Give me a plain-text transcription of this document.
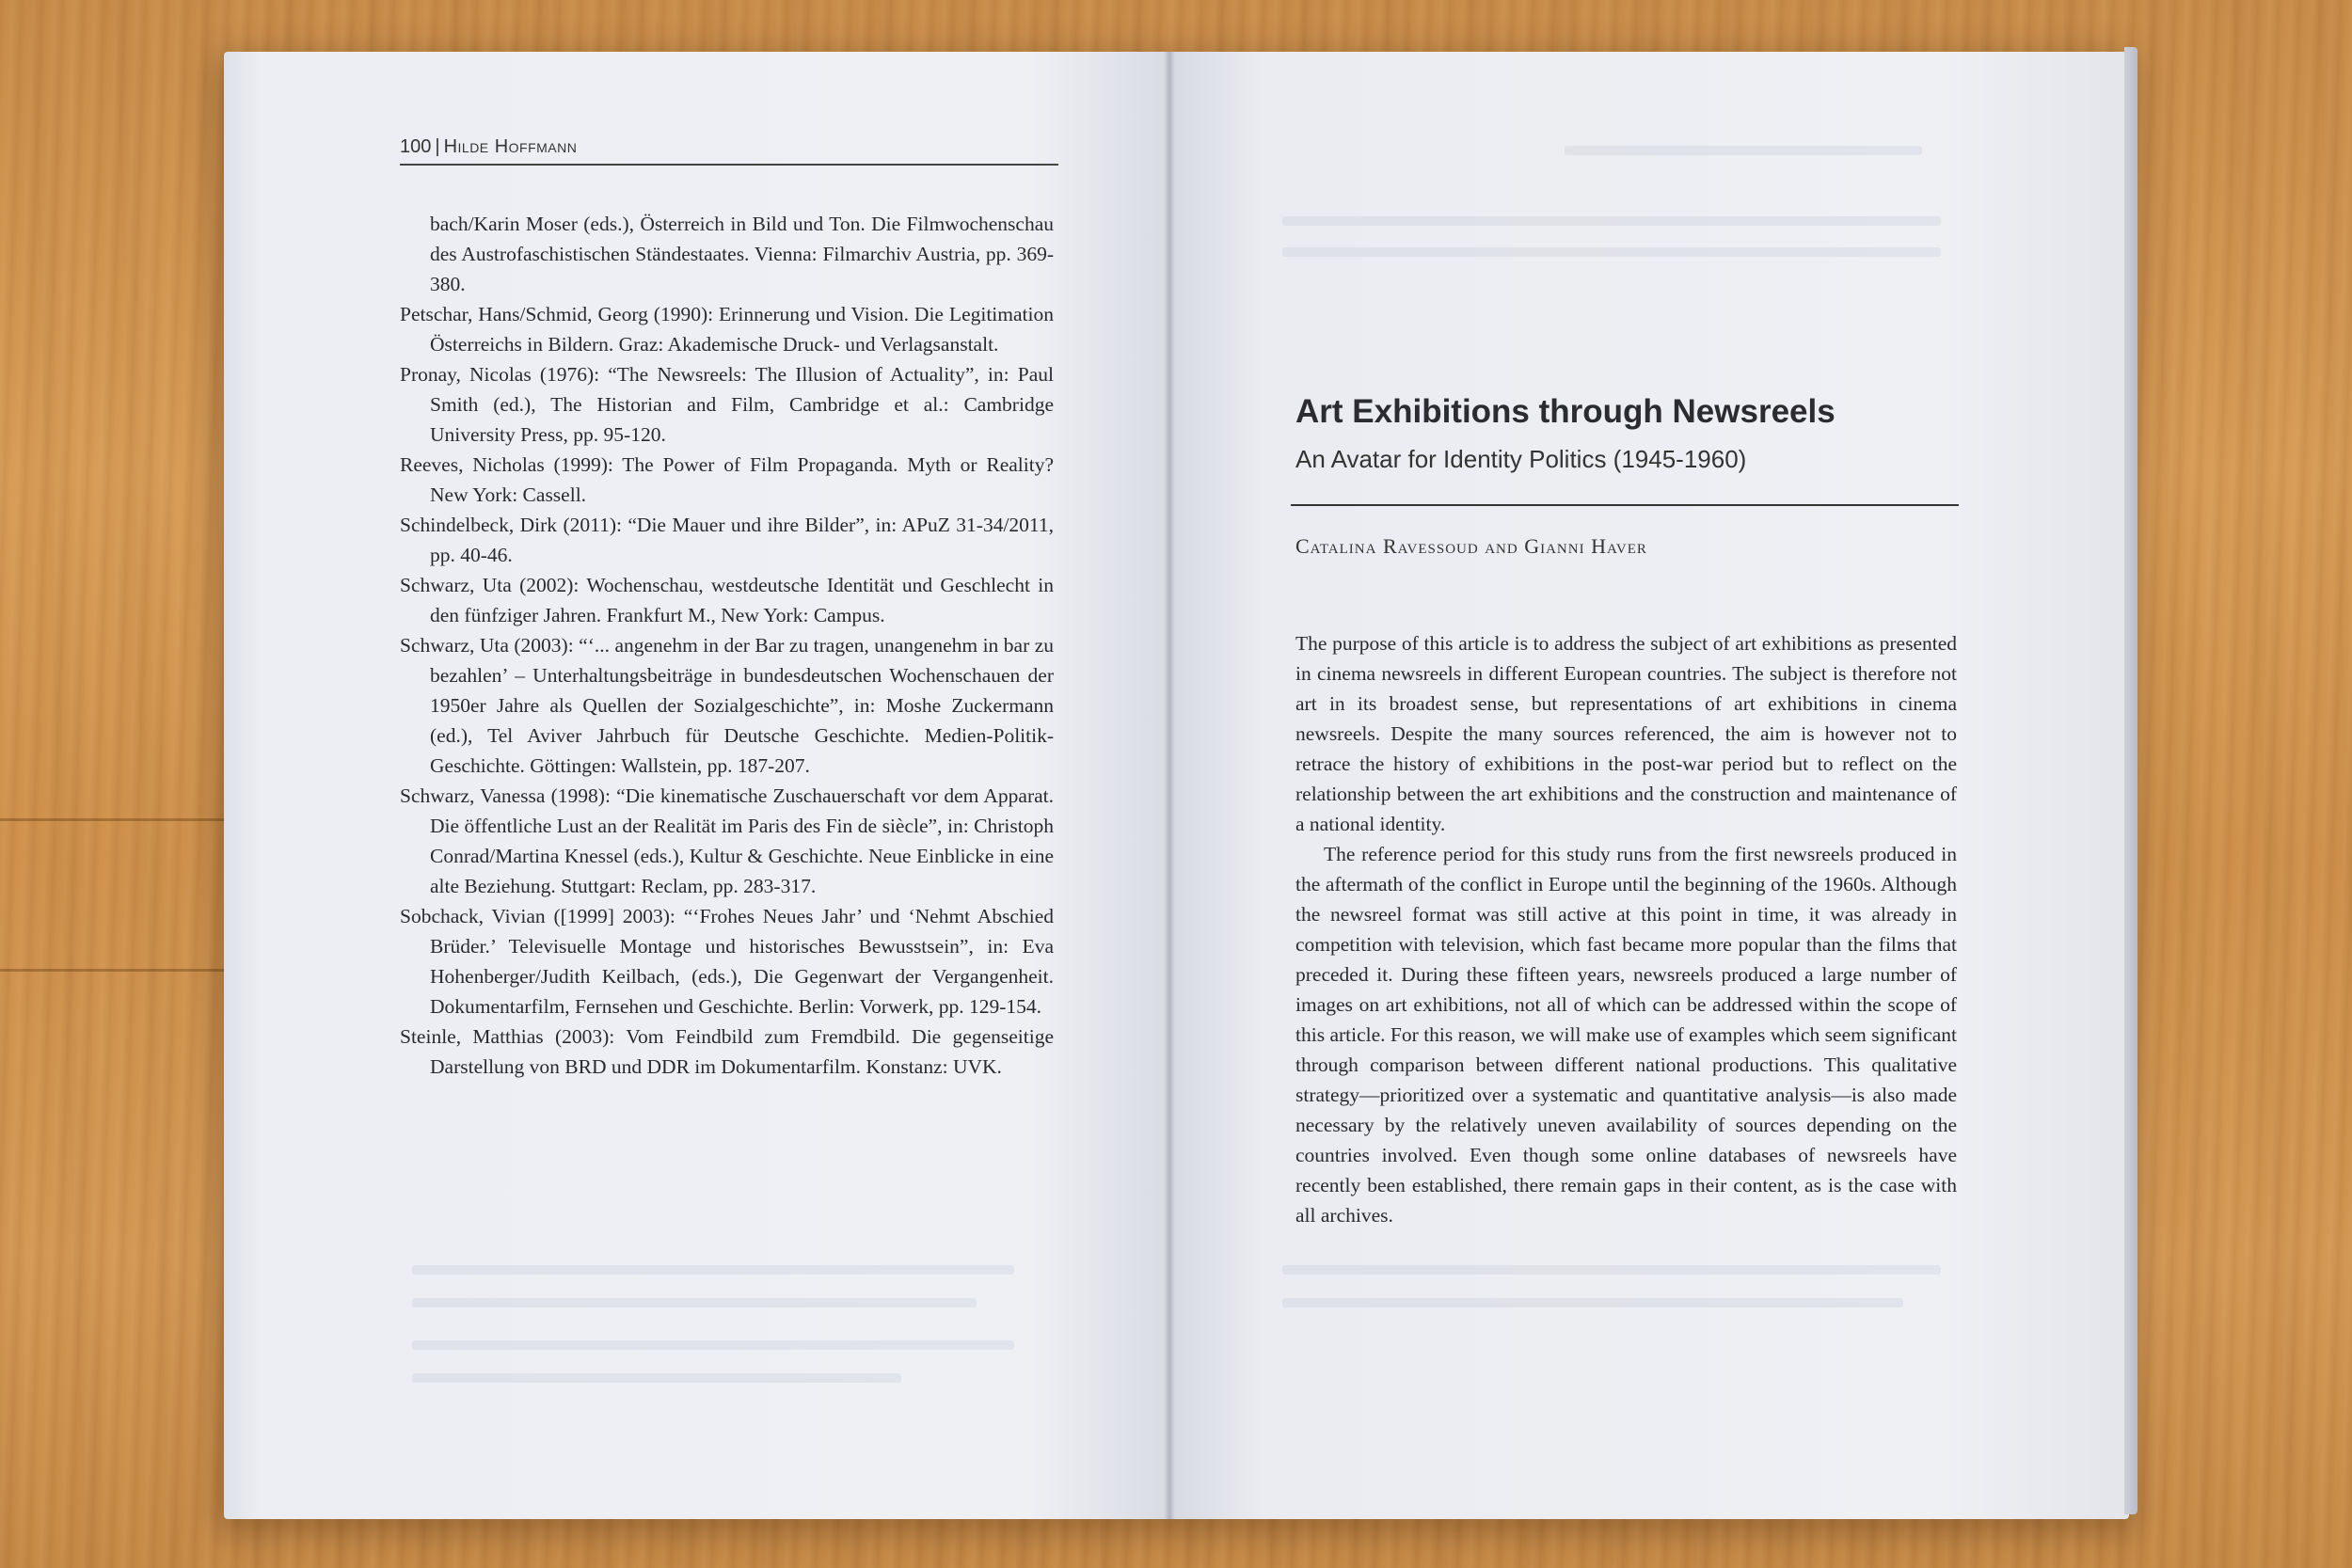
100 | Hilde Hoffmann

bach/Karin Moser (eds.), Österreich in Bild und Ton. Die Filmwochenschau des Austrofaschistischen Ständestaates. Vienna: Filmarchiv Austria, pp. 369-380.

Petschar, Hans/Schmid, Georg (1990): Erinnerung und Vision. Die Legitimation Österreichs in Bildern. Graz: Akademische Druck- und Verlagsanstalt.

Pronay, Nicolas (1976): “The Newsreels: The Illusion of Actuality”, in: Paul Smith (ed.), The Historian and Film, Cambridge et al.: Cambridge University Press, pp. 95-120.

Reeves, Nicholas (1999): The Power of Film Propaganda. Myth or Reality? New York: Cassell.

Schindelbeck, Dirk (2011): “Die Mauer und ihre Bilder”, in: APuZ 31-34/2011, pp. 40-46.

Schwarz, Uta (2002): Wochenschau, westdeutsche Identität und Geschlecht in den fünfziger Jahren. Frankfurt M., New York: Campus.

Schwarz, Uta (2003): “‘... angenehm in der Bar zu tragen, unangenehm in bar zu bezahlen’ – Unterhaltungsbeiträge in bundesdeutschen Wochenschauen der 1950er Jahre als Quellen der Sozialgeschichte”, in: Moshe Zuckermann (ed.), Tel Aviver Jahrbuch für Deutsche Geschichte. Medien-Politik-Geschichte. Göttingen: Wallstein, pp. 187-207.

Schwarz, Vanessa (1998): “Die kinematische Zuschauerschaft vor dem Apparat. Die öffentliche Lust an der Realität im Paris des Fin de siècle”, in: Christoph Conrad/Martina Knessel (eds.), Kultur & Geschichte. Neue Einblicke in eine alte Beziehung. Stuttgart: Reclam, pp. 283-317.

Sobchack, Vivian ([1999] 2003): “‘Frohes Neues Jahr’ und ‘Nehmt Abschied Brüder.’ Televisuelle Montage und historisches Bewusstsein”, in: Eva Hohenberger/Judith Keilbach, (eds.), Die Gegenwart der Vergangenheit. Dokumentarfilm, Fernsehen und Geschichte. Berlin: Vorwerk, pp. 129-154.

Steinle, Matthias (2003): Vom Feindbild zum Fremdbild. Die gegenseitige Darstellung von BRD und DDR im Dokumentarfilm. Konstanz: UVK.

Art Exhibitions through Newsreels
An Avatar for Identity Politics (1945-1960)
Catalina Ravessoud and Gianni Haver

The purpose of this article is to address the subject of art exhibitions as presented in cinema newsreels in different European countries. The subject is therefore not art in its broadest sense, but representations of art exhibitions in cinema newsreels. Despite the many sources referenced, the aim is however not to retrace the history of exhibitions in the post-war period but to reflect on the relationship between the art exhibitions and the construction and maintenance of a national identity.

The reference period for this study runs from the first newsreels produced in the aftermath of the conflict in Europe until the beginning of the 1960s. Although the newsreel format was still active at this point in time, it was already in competition with television, which fast became more popular than the films that preceded it. During these fifteen years, newsreels produced a large number of images on art exhibitions, not all of which can be addressed within the scope of this article. For this reason, we will make use of examples which seem significant through comparison between different national productions. This qualitative strategy—prioritized over a systematic and quantitative analysis—is also made necessary by the relatively uneven availability of sources depending on the countries involved. Even though some online databases of newsreels have recently been established, there remain gaps in their content, as is the case with all archives.
